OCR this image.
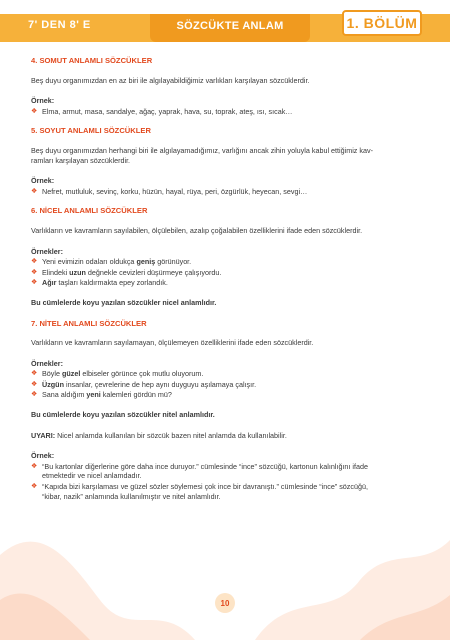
7' DEN 8' E	SÖZCÜKTE ANLAM	1. BÖLÜM
4. SOMUT ANLAMLI SÖZCÜKLER
Beş duyu organımızdan en az biri ile algılayabildiğimiz varlıkları karşılayan sözcüklerdir.
Örnek:
❖ Elma, armut, masa, sandalye, ağaç, yaprak, hava, su, toprak, ateş, ısı, sıcak…
5. SOYUT ANLAMLI SÖZCÜKLER
Beş duyu organımızdan herhangi biri ile algılayamadığımız, varlığını ancak zihin yoluyla kabul ettiğimiz kav-
ramları karşılayan sözcüklerdir.
Örnek:
❖ Nefret, mutluluk, sevinç, korku, hüzün, hayal, rüya, peri, özgürlük, heyecan, sevgi…
6. NİCEL ANLAMLI SÖZCÜKLER
Varlıkların ve kavramların sayılabilen, ölçülebilen, azalıp çoğalabilen özelliklerini ifade eden sözcüklerdir.
Örnekler:
❖ Yeni evimizin odaları oldukça geniş görünüyor.
❖ Elindeki uzun değnekle cevizleri düşürmeye çalışıyordu.
❖ Ağır taşları kaldırmakta epey zorlandık.
Bu cümlelerde koyu yazılan sözcükler nicel anlamlıdır.
7. NİTEL ANLAMLI SÖZCÜKLER
Varlıkların ve kavramların sayılamayan, ölçülemeyen özelliklerini ifade eden sözcüklerdir.
Örnekler:
❖ Böyle güzel elbiseler görünce çok mutlu oluyorum.
❖ Üzgün insanlar, çevrelerine de hep aynı duyguyu aşılamaya çalışır.
❖ Sana aldığım yeni kalemleri gördün mü?
Bu cümlelerde koyu yazılan sözcükler nitel anlamlıdır.
UYARI: Nicel anlamda kullanılan bir sözcük bazen nitel anlamda da kullanılabilir.
Örnek:
❖ “Bu kartonlar diğerlerine göre daha ince duruyor.” cümlesinde “ince” sözcüğü, kartonun kalınlığını ifade
etmektedir ve nicel anlamdadır.
❖ “Kapıda bizi karşılaması ve güzel sözler söylemesi çok ince bir davranıştı.” cümlesinde “ince” sözcüğü,
“kibar, nazik” anlamında kullanılmıştır ve nitel anlamlıdır.
10
